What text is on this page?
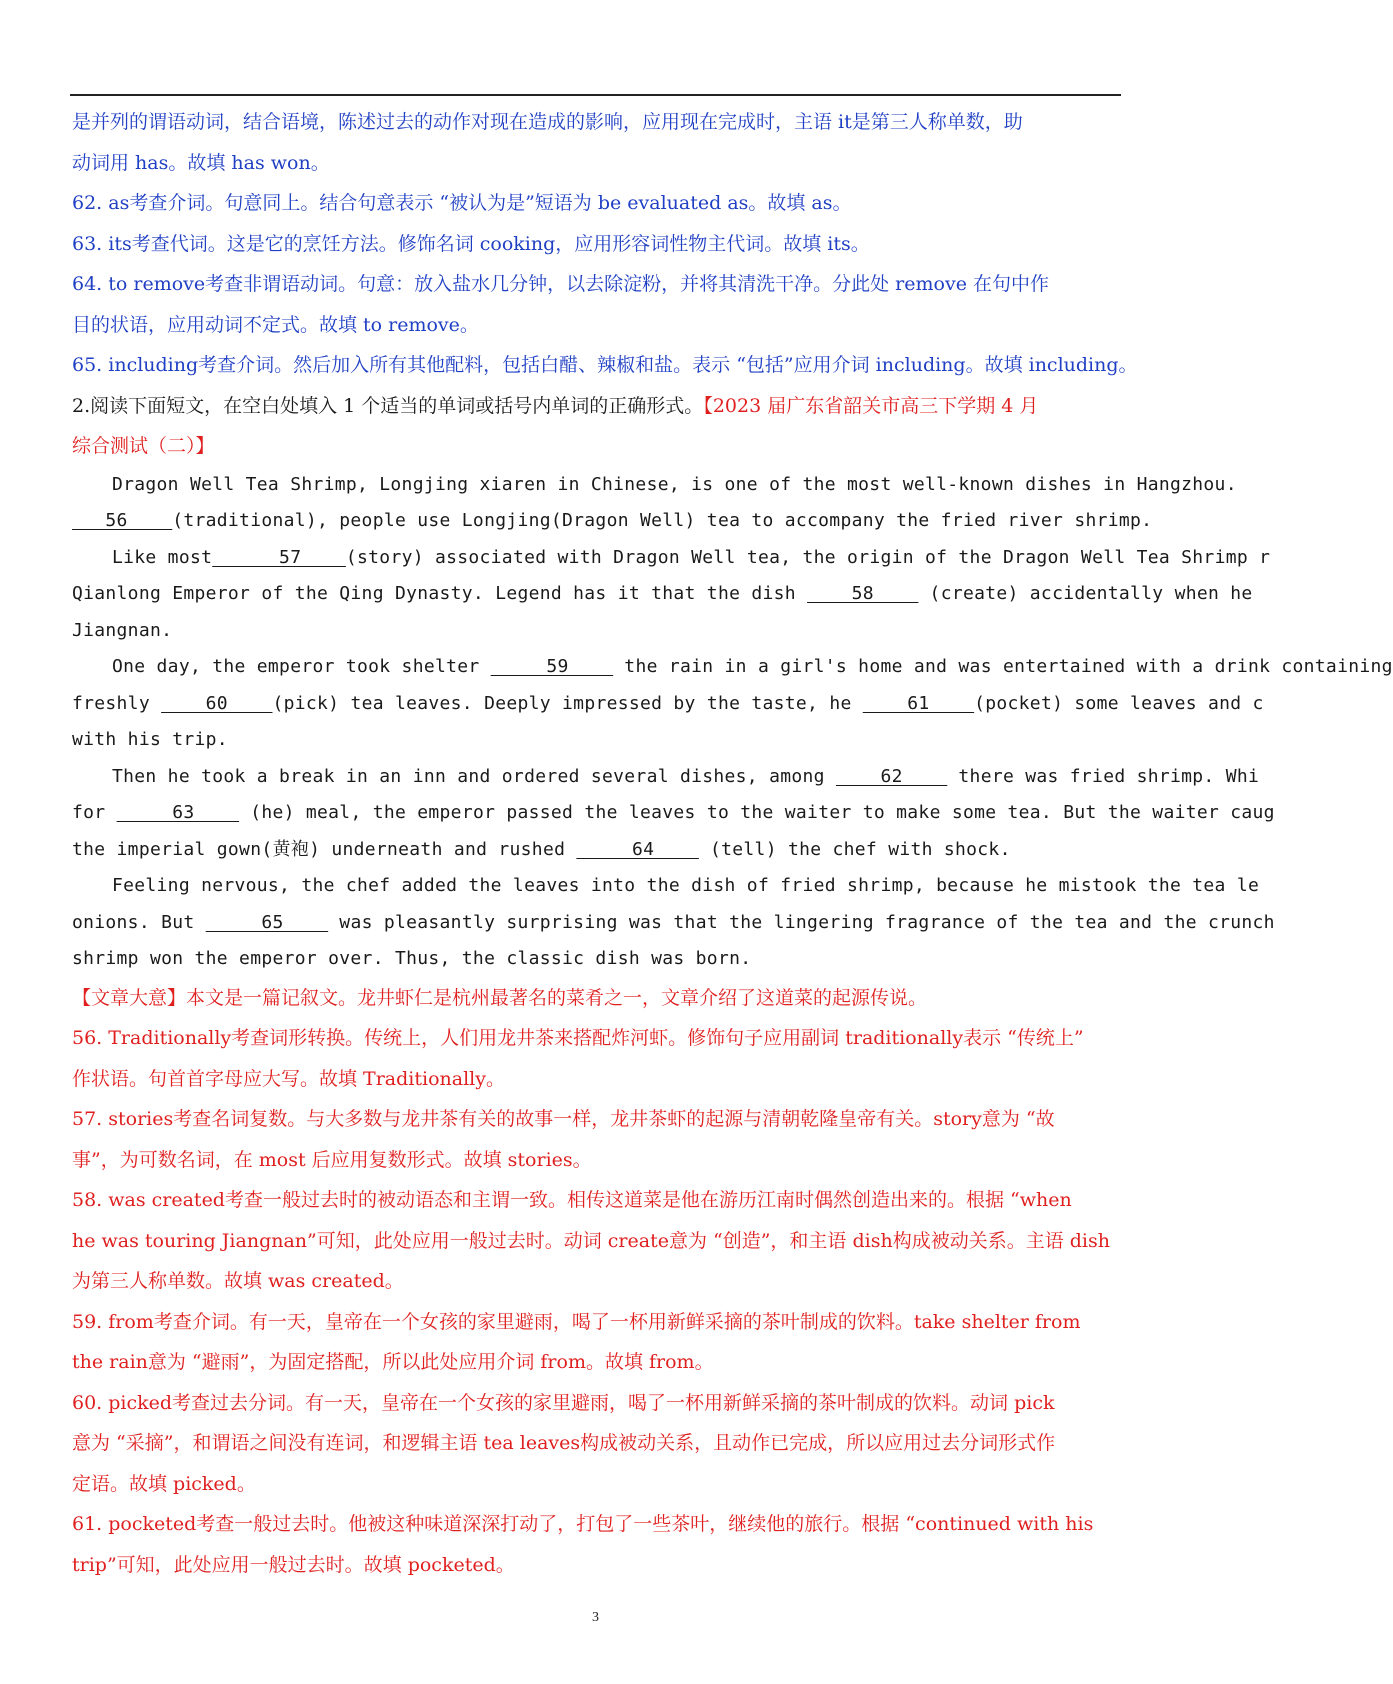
是并列的谓语动词，结合语境，陈述过去的动作对现在造成的影响，应用现在完成时，主语 it是第三人称单数，助
动词用 has。故填 has won。
62. as考查介词。句意同上。结合句意表示 “被认为是”短语为 be evaluated as。故填 as。
63. its考查代词。这是它的烹饪方法。修饰名词 cooking，应用形容词性物主代词。故填 its。
64. to remove考查非谓语动词。句意：放入盐水几分钟，以去除淀粉，并将其清洗干净。分此处 remove 在句中作
目的状语，应用动词不定式。故填 to remove。
65. including考查介词。然后加入所有其他配料，包括白醋、辣椒和盐。表示 “包括”应用介词 including。故填 including。
2.阅读下面短文，在空白处填入 1 个适当的单词或括号内单词的正确形式。【2023 届广东省韶关市高三下学期 4 月
综合测试（二）】
Dragon Well Tea Shrimp, Longjing xiaren in Chinese, is one of the most well-known dishes in Hangzhou.
56    (traditional), people use Longjing(Dragon Well) tea to accompany the fried river shrimp.
Like most      57    (story) associated with Dragon Well tea, the origin of the Dragon Well Tea Shrimp r
Qianlong Emperor of the Qing Dynasty. Legend has it that the dish     58     (create) accidentally when he
Jiangnan.
One day, the emperor took shelter      59     the rain in a girl's home and was entertained with a drink containing
freshly     60    (pick) tea leaves. Deeply impressed by the taste, he     61    (pocket) some leaves and c
with his trip.
Then he took a break in an inn and ordered several dishes, among     62     there was fried shrimp. Whi
for      63     (he) meal, the emperor passed the leaves to the waiter to make some tea. But the waiter caug
the imperial gown(黄袍) underneath and rushed      64     (tell) the chef with shock.
Feeling nervous, the chef added the leaves into the dish of fried shrimp, because he mistook the tea le
onions. But      65     was pleasantly surprising was that the lingering fragrance of the tea and the crunch
shrimp won the emperor over. Thus, the classic dish was born.
【文章大意】本文是一篇记叙文。龙井虾仁是杭州最著名的菜肴之一，文章介绍了这道菜的起源传说。
56. Traditionally考查词形转换。传统上，人们用龙井茶来搭配炸河虾。修饰句子应用副词 traditionally表示 “传统上”
作状语。句首首字母应大写。故填 Traditionally。
57. stories考查名词复数。与大多数与龙井茶有关的故事一样，龙井茶虾的起源与清朝乾隆皇帝有关。story意为 “故
事”，为可数名词，在 most 后应用复数形式。故填 stories。
58. was created考查一般过去时的被动语态和主谓一致。相传这道菜是他在游历江南时偶然创造出来的。根据 “when
he was touring Jiangnan”可知，此处应用一般过去时。动词 create意为 “创造”，和主语 dish构成被动关系。主语 dish
为第三人称单数。故填 was created。
59. from考查介词。有一天，皇帝在一个女孩的家里避雨，喝了一杯用新鲜采摘的茶叶制成的饮料。take shelter from
the rain意为 “避雨”，为固定搭配，所以此处应用介词 from。故填 from。
60. picked考查过去分词。有一天，皇帝在一个女孩的家里避雨，喝了一杯用新鲜采摘的茶叶制成的饮料。动词 pick
意为 “采摘”，和谓语之间没有连词，和逻辑主语 tea leaves构成被动关系，且动作已完成，所以应用过去分词形式作
定语。故填 picked。
61. pocketed考查一般过去时。他被这种味道深深打动了，打包了一些茶叶，继续他的旅行。根据 “continued with his
trip”可知，此处应用一般过去时。故填 pocketed。
3
